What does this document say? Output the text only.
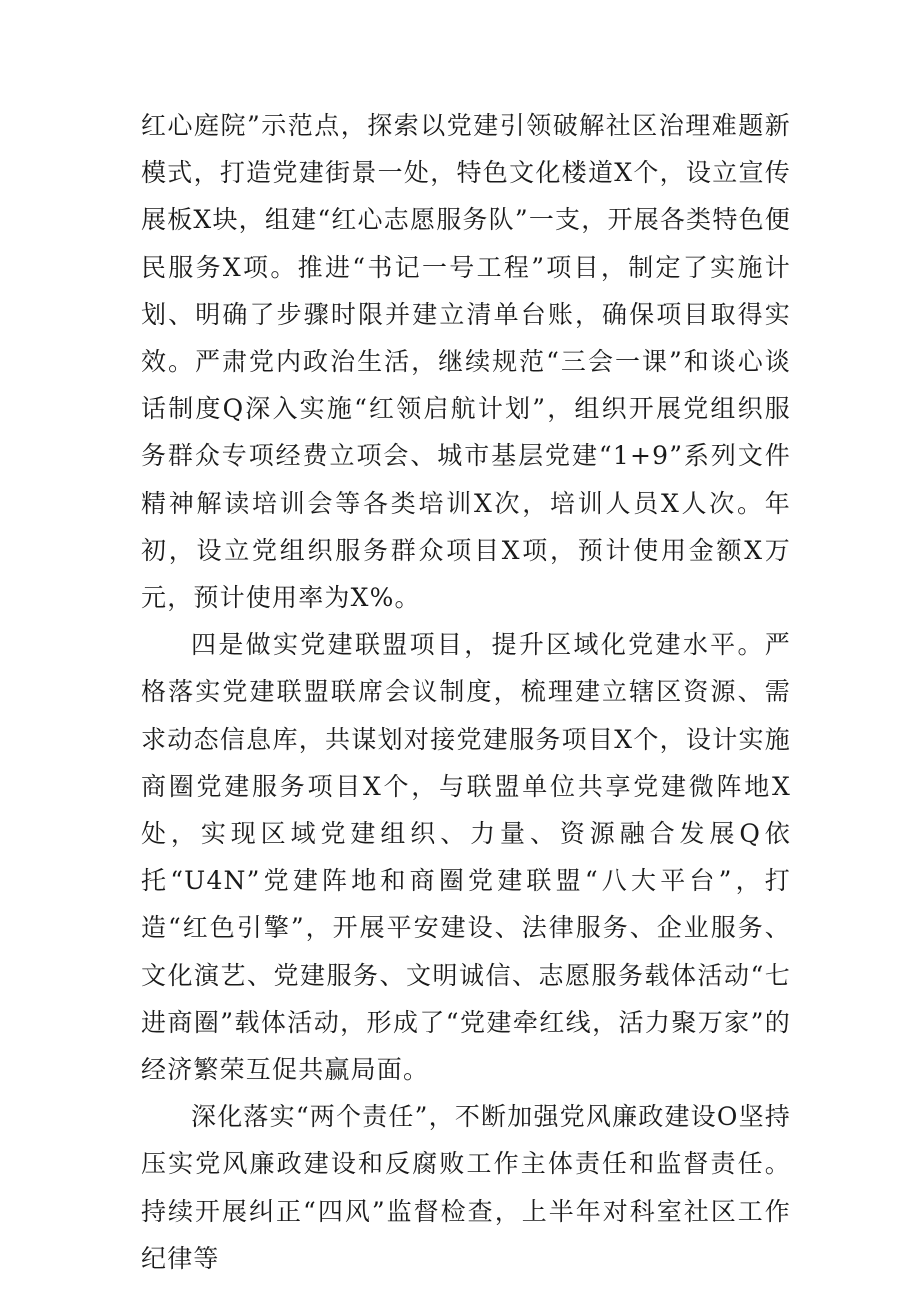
红心庭院”示范点，探索以党建引领破解社区治理难题新模式，打造党建街景一处，特色文化楼道X个，设立宣传展板X块，组建“红心志愿服务队”一支，开展各类特色便民服务X项。推进“书记一号工程”项目，制定了实施计划、明确了步骤时限并建立清单台账，确保项目取得实效。严肃党内政治生活，继续规范“三会一课”和谈心谈话制度Q深入实施“红领启航计划”，组织开展党组织服务群众专项经费立项会、城市基层党建“1+9”系列文件精神解读培训会等各类培训X次，培训人员X人次。年初，设立党组织服务群众项目X项，预计使用金额X万元，预计使用率为X%。

四是做实党建联盟项目，提升区域化党建水平。严格落实党建联盟联席会议制度，梳理建立辖区资源、需求动态信息库，共谋划对接党建服务项目X个，设计实施商圈党建服务项目X个，与联盟单位共享党建微阵地X处，实现区域党建组织、力量、资源融合发展Q依托“U4N”党建阵地和商圈党建联盟“八大平台”，打造“红色引擎”，开展平安建设、法律服务、企业服务、文化演艺、党建服务、文明诚信、志愿服务载体活动“七进商圈”载体活动，形成了“党建牵红线，活力聚万家”的经济繁荣互促共赢局面。

深化落实“两个责任”，不断加强党风廉政建设O坚持压实党风廉政建设和反腐败工作主体责任和监督责任。持续开展纠正“四风”监督检查，上半年对科室社区工作纪律等
